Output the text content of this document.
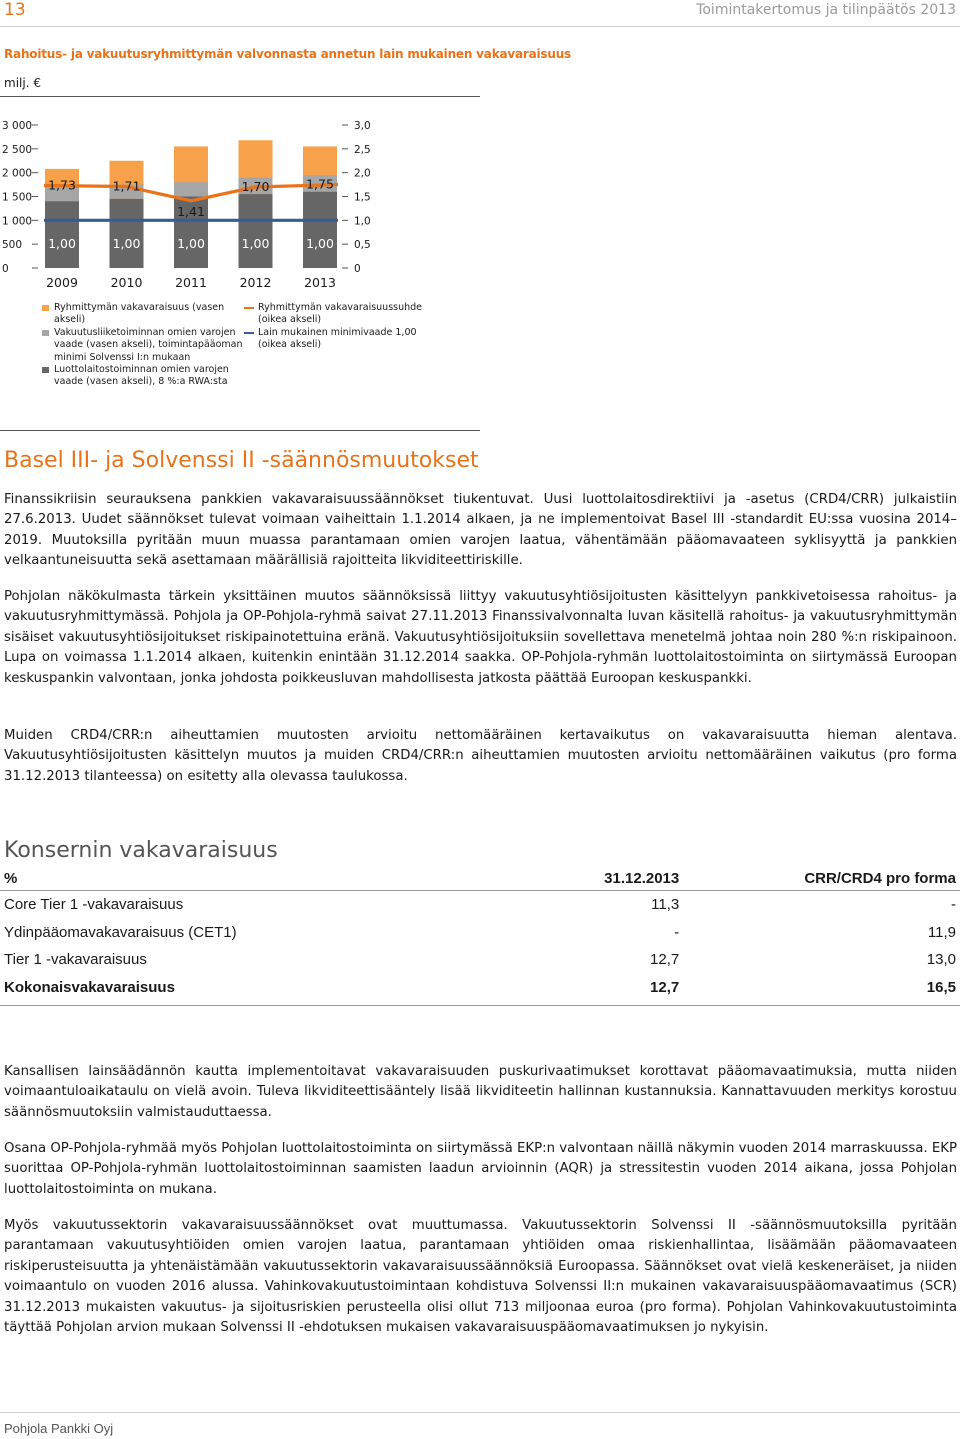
13	Toimintakertomus ja tilinpäätös 2013
Rahoitus- ja vakuutusryhmittymän valvonnasta annetun lain mukainen vakavaraisuus
milj. €
0
500
1 000
1 500
2 000
2 500
3 000
0
0,5
1,0
1,5
2,0
2,5
3,0
1,73	1,71
1,41
1,70	1,75
1,00	1,00	1,00	1,00	1,00
2009	2010	2011	2012	2013
Ryhmittymän vakavaraisuus (vasen akseli)
Vakuutusliiketoiminnan omien varojen
vaade (vasen akseli), toimintapääoman
minimi Solvenssi I:n mukaan
Luottolaitostoiminnan omien varojen
vaade (vasen akseli), 8 %:a RWA:sta
Ryhmittymän vakavaraisuussuhde
(oikea akseli)
Lain mukainen minimivaade 1,00
(oikea akseli)
Basel III- ja Solvenssi II -säännösmuutokset
Finanssikriisin seurauksena pankkien vakavaraisuussäännökset tiukentuvat. Uusi luottolaitosdirektiivi ja -asetus (CRD4/CRR) julkaistiin 27.6.2013. Uudet säännökset tulevat voimaan vaiheittain 1.1.2014 alkaen, ja ne implementoivat Basel III -standardit EU:ssa vuosina 2014–2019. Muutoksilla pyritään muun muassa parantamaan omien varojen laatua, vähentämään pääomavaateen syklisyyttä ja pankkien velkaantuneisuutta sekä asettamaan määrällisiä rajoitteita likviditeettiriskille.
Pohjolan näkökulmasta tärkein yksittäinen muutos säännöksissä liittyy vakuutusyhtiösijoitusten käsittelyyn pankkivetoisessa rahoitus- ja vakuutusryhmittymässä. Pohjola ja OP-Pohjola-ryhmä saivat 27.11.2013 Finanssivalvonnalta luvan käsitellä rahoitus- ja vakuutusryhmittymän sisäiset vakuutusyhtiösijoitukset riskipainotettuina eränä. Vakuutusyhtiösijoituksiin sovellettava menetelmä johtaa noin 280 %:n riskipainoon. Lupa on voimassa 1.1.2014 alkaen, kuitenkin enintään 31.12.2014 saakka. OP-Pohjola-ryhmän luottolaitostoiminta on siirtymässä Euroopan keskuspankin valvontaan, jonka johdosta poikkeusluvan mahdollisesta jatkosta päättää Euroopan keskuspankki.
Muiden CRD4/CRR:n aiheuttamien muutosten arvioitu nettomääräinen kertavaikutus on vakavaraisuutta hieman alentava. Vakuutusyhtiösijoitusten käsittelyn muutos ja muiden CRD4/CRR:n aiheuttamien muutosten arvioitu nettomääräinen vaikutus (pro forma 31.12.2013 tilanteessa) on esitetty alla olevassa taulukossa.
Konsernin vakavaraisuus
%	31.12.2013	CRR/CRD4 pro forma
Core Tier 1 -vakavaraisuus	11,3	-
Ydinpääomavakavaraisuus (CET1)	-	11,9
Tier 1 -vakavaraisuus	12,7	13,0
Kokonaisvakavaraisuus	12,7	16,5
Kansallisen lainsäädännön kautta implementoitavat vakavaraisuuden puskurivaatimukset korottavat pääomavaatimuksia, mutta niiden voimaantuloaikataulu on vielä avoin. Tuleva likviditeettisääntely lisää likviditeetin hallinnan kustannuksia. Kannattavuuden merkitys korostuu säännösmuutoksiin valmistauduttaessa.
Osana OP-Pohjola-ryhmää myös Pohjolan luottolaitostoiminta on siirtymässä EKP:n valvontaan näillä näkymin vuoden 2014 marraskuussa. EKP suorittaa OP-Pohjola-ryhmän luottolaitostoiminnan saamisten laadun arvioinnin (AQR) ja stressitestin vuoden 2014 aikana, jossa Pohjolan luottolaitostoiminta on mukana.
Myös vakuutussektorin vakavaraisuussäännökset ovat muuttumassa. Vakuutussektorin Solvenssi II -säännösmuutoksilla pyritään parantamaan vakuutusyhtiöiden omien varojen laatua, parantamaan yhtiöiden omaa riskienhallintaa, lisäämään pääomavaateen riskiperusteisuutta ja yhtenäistämään vakuutussektorin vakavaraisuussäännöksiä Euroopassa. Säännökset ovat vielä keskeneräiset, ja niiden voimaantulo on vuoden 2016 alussa. Vahinkovakuutustoimintaan kohdistuva Solvenssi II:n mukainen vakavaraisuuspääomavaatimus (SCR) 31.12.2013 mukaisten vakuutus- ja sijoitusriskien perusteella olisi ollut 713 miljoonaa euroa (pro forma). Pohjolan Vahinkovakuutustoiminta täyttää Pohjolan arvion mukaan Solvenssi II -ehdotuksen mukaisen vakavaraisuuspääomavaatimuksen jo nykyisin.
Pohjola Pankki Oyj
